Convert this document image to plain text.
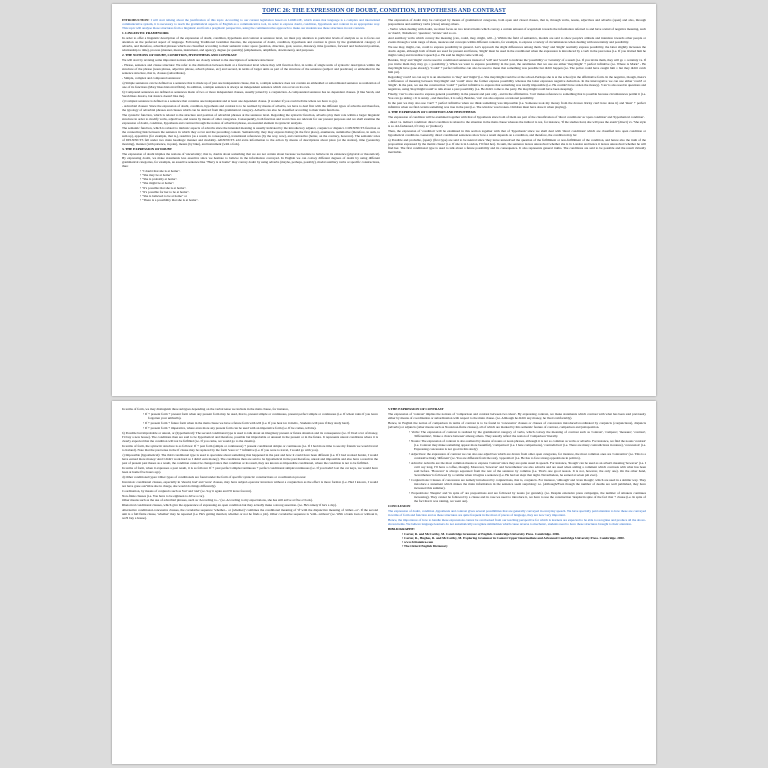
TOPIC 26: THE EXPRESSION OF DOUBT, CONDITION, HYPOTHESIS AND CONTRAST

INTRODUCTION: I will start talking about the justification of this topic. According to our current legislation based on LOMLOE, which states that language is a complex and interrelated communicative system, it is necessary to teach the grammatical aspects of English as a communicative tool, in order to express doubt, condition, hypothesis and contrast in an appropriate way. This topic will analyse those structures from a linguistic and from a pragmatic perspective, using the communicative approach to make our students use these structures in real contexts.

1. LINGUISTIC FRAMEWORK

In order to offer a linguistic description of the expression of doubt, condition, hypothesis and contrast at sentence level, we must pay attention to particular levels of analysis so as to focus our attention on the preferred aspect of language. Following Traditional Grammar theories, the expression of doubt, condition, hypothesis and contrast is given by the grammatical category of adverbs, and therefore, adverbial phrases which are classified according to their semantic roles: space (position, direction, goal, source, distance), time (position, forward and backward position, relationship to time), process (manner, means, instrument, and agency), degree (or quantity) (emphasisers, amplifiers, downtoners), and purposes.

2. THE NOTIONS OF DOUBT, CONDITION, HYPOTHESIS AND CONTRAST

We will start by revising some important notions which are closely related to the description of sentence structures:

- Phrase, sentence and clause structure: We refer to the distinction between them at a functional level where they will function first, in terms of single units of syntactic description within the structure of the phrase (noun phrase, adjective phrase, adverb phrase, etc) and second, in terms of larger units as part of the structure of the sentence (subject and predicate) or embedded in the sentence structure, that is, clauses (subordinate).

- Simple, complex and compound sentences:

a) Simple sentences can be defined as a sentence that is made up of just one independent clause, that is, a simple sentence does not contain an embedded or subordinated sentence as realization of one of its functions (Mary likes historical films). In addition, a simple sentence is always an independent sentence which can occur on its own.

b) Compound sentences are defined as sentences made of two or more independent clauses, usually joined by a conjunction. A compounded sentence has no dependent clauses. (I like Sarah, and Sarah likes Jessica, but Jessica doesn't like me).

c) Complex sentence is defined as a sentence that contains one independent and at least one dependent clause. (I wonder if you could tell me where we have to go).

- Adverbial clauses: Since the expression of doubt, condition, hypothesis and contrast is to be realized by means of adverbs, we have to deal first with the different types of adverbs and therefore, the typology of adverbial phrases and clauses which can be derived from this grammatical category. Adverbs can also be classified according to their main functions.

The syntactic function, which is related to the structure and position of adverbial phrases at the sentence level. Regarding the syntactic function, adverbs play their role within a larger linguistic structure in order to modify verbs, adjectives, and nouns by means of other categories. Consequently, both function and word class are relevant for our present purposes and we shall examine the expression of doubt, condition, hypothesis and contrast through the notion of adverbial phrase, an essential element in syntactic analysis.

The semantic function, which is related to intrinsic aspects of adverbs since the intended meaning is usually indicated by the introductory adjunct, conjunct or disjunct. CONJUNCTS function as the connecting link between the sentence in which they occur and the preceding context. Semantically, they may express listing (in the first place), enumerate, summative (therefore, in sum, to sum up), appositive (for example, that is,), resultive (as a result, in consequence), transitional references (by the way, now), and contrastive (better, on the contrary, however). The semantic roles of DISJUNCTS fall under two main headings: manner and modality. ADJUNCTS add extra information to the action by means of descriptions about place (at the station), time (yesterday morning), manner (with patience, in pain), means (by bike), and instrument (with a fork).

3. THE EXPRESSION OF DOUBT

The expression of doubt implies the notions of 'uncertainty', that is, doubts about something that we are not certain about because we hesitate to believe in its existence (physical or theoretical). By expressing doubt, we make statements less assertive since we hesitate to believe in the information conveyed. In English we can convey different degrees of doubt by using different grammatical categories, for example, an assertive sentence like "Harry is at home" may convey doubt by using adverbs (maybe, perhaps, possibly), modal auxiliary verbs or specific constructions, thus:

• "I doubt that she is at home".

• "She may be at home".

• "She is probably at home".

• "She might be at home".

• "It's possible that she is at home".

• "It's possible for her to be at home".

• "She is believed to be at home" or

• "There is a possibility that she is at home".

The expression of doubt may be conveyed by means of grammatical categories, both open and closed classes, that is, through verbs, nouns, adjectives and adverbs (open) and also, through prepositions and auxiliary verbs (close) among others.

- Verbs: when dealing with doubt, we must focus on two lexical items which convey a certain amount of scepticism towards the information referred to and have a kind of negative meaning, such as 'doubt', 'disbelieve', 'question', 'review' and so on.

And auxiliary verbs which convey the meaning (can, could, may, might, will...). Within the field of semantics, modals are said to show people's attitude and intention towards other people or events through a wide range of ideas, nuances and concepts within different contexts, for example, to express a variety of circumstances when dealing with uncertainty and possibility.

We use may, might, can, could to express possibility in general. Let's approach the slight differences among them. 'may' and 'might' normally express possibility, the latter slightly increases the doubt. Again, although both of them are used for present and future, 'might' must be used in the conditional when the expression is introduced by a verb in the past tense (i.e. If you invited him he might come) and in indirect speech (i.e. He said he might come with us).

Besides, 'may' and 'might' can be used in conditional sentences instead of 'will' and 'would' to indicate the 'possibility' or 'certainty' of a result (i.e. If you invite them, they will go = certainty vs. If you invite them they may go = possibility ). When we want to express possibility in the past, the auxiliaries that we use are either 'may/might' + perfect infinitive (i.e. Where is Mark? - He may/might have gone already). 'Could' + perfect infinitive can also be used to mean that something was possible but didn't happen (i.e. The police could have caught him = but they didn't catch him yet).

Regarding 'could' we can say it is an alternative to 'may' and 'might' (i.e. She may/might/could be at the school-Perhaps she is at the school) in the affirmative form. In the negative, though, there's a difference of meaning between 'may/might' and 'could' since the former express possibility whereas the latter expresses negative deduction. In the interrogative we can use either 'could' or 'might'. In the past, we use the construction 'could' + perfect infinitive to express that something was totally impossible (i.e. He couldn't have stolen the money). 'Can' is also used in questions and negatives, using 'may/might/could' to talk about a past possibility (i.e. He didn't come to the party. He may/might/could have been sleeping).

Finally, 'can' is also used to express general possibility in the present and past only , and in the affirmative. 'Can' makes reference to something that is possible because circumstances permit it (i.e. You can go skiing = It is sunny , and therefore, it is safe). Besides, 'can' can also express occasional possibility.

In the past we may also use 'can't' + perfect infinitive when we think something was impossible (i.e. Someone took my money from the drawer. Ricky can't have done it) and 'must' + perfect infinitive when we find certain something was true in the past (i.e. The window was broken. Children must have done it when playing).

4. THE EXPRESSION OF CONDITION AND HYPOTHESIS

The expression of condition will be examined together with that of hypothesis since both of them are part of the classification of 'direct conditions' as 'open condition' and 'hypothetical condition'.

- direct vs. indirect condition: direct condition is related to the situation in the main clause whereas the indirect is not, for instance, 'If the studies hard, she will pass the exam' (direct) vs. 'She style is so old-fashioned, if I may so' (indirect).

Then, the expression of 'condition' will be examined in this section together with that of 'hypothesis' since we shall deal with 'direct conditions' which are classified into open condition or hypothetical conditions. Generally, direct conditional sentences show how a result depends on a condition, and therefore, the condition may be:

a) Possible and probable, (open): (first type) are said to be neutral since 'they leave unresolved the question of the fulfillment or non-fulfillment of the condition, and hence also the truth of the proposition expressed by the matrix clause' (i.e. If she is in London, I'll find her). In sum, the sentence leaves unresolved whether she is in London and hence it leaves unresolved whether he will find her. The first conditional type is used to talk about a future possibility and its consequence. It also represents general truths. The conditions are said to be possible and the result virtually inevitable.

In terms of form, we may distinguish three subtypes depending on the verbal tense we include in the main clause, for instance,

• If + present form + present form when any present form may be used, that is, present simple or continuous, present perfect simple or continuous (i.e. If wheat rains if you leave forgotten your umbrella).

• If + present form + future form when in the main clause we have a future form with will (i.e. If you heat ice it melts , Students will pass if they study hard).

• If + present form + imperative, where even more any present form can be used with an imperative form (i.e. If he comes, tell me).

b) Possible but improbable or unreal, or (hypothetical): The second conditional type is used to talk about an imaginary present or future situation and its consequence (i.e. If I had a lot of money, I'd buy a new house). The conditions then are said to be hypothetical and therefore, possible but improbable or unusual in the present or in the future. It represents unreal conditions where it is clearly expected that the condition will not be fulfilled (i.e. If you came, we would go to the cinema).

In terms of form, the syntactic structure is as follows: If + past form (simple or continuous) + present conditional simple or continuous (i.e. If I had more time to see my friends we would travel to Ireland). Note that the past tense in the if clause may be replaced by the form 'were to' + infinitive (i.e. If you were to travel, I would go with you).

c) Impossible (hypothetical): The third conditional type is used to speculate about something that happened in the past and how it could have been different (i.e. If I had worked harder, I would have earned more money/ And I didn't work hard so I didn't earn money). The conditions then are said to be hypothetical in the past therefore, unreal and impossible and also have a result in the past of present past theses as a result, the condition cannot be changed since that condition or its result, they are known as impossible conditional, where the condition is not to be fulfilled.

In terms of form, when it expresses a past result, it is as follows: If + past perfect simple/continuous + perfect conditional simple/continuous (i.e. If you hadn't lost the car keys, we would have been at home five hours ago).

d) Other conditional types: Other types of conditionals are found under the form of specific syntactic constructions or coordination process:

Inversion: conditional clauses, especially in 'should, had' and 'were' clauses, may have subject-operator inversion without a conjunction as the effect is more formal. (i.e. Had I known, I would not have gone out/Were she in charge, she would do things differently).

Coordination, by means of conjuncts such as 'but' and 'and' (i.e. Say it again and I'll leave forever).

Non-finite clauses (i.e. You have to be eighteen to drive a car).

Other means such as the use of adverbial phrases, such as 'According to...' (i.e. According to my expectations, she has still arrive at five o'clock).

Rhetorical conditional clauses, which give the appearance of expressing an open condition but they actually make a strong assertion. (i.e. He's ninety if he's a day).

Alternative conditional-concessive clauses, the correlative sequence 'whether... or (whether)' combines the conditional meaning of 'if' with the disjunctive meaning of 'either...or'. If the second unit is a full finite clause, 'whether' may be repeated (i.e. He's getting married, whether or not he finds a job). Other correlative sequence is 'with...without' (i.e. With a bank loan or without it, we'll buy a house).

5.THE EXPRESSION OF CONTRAST

The expression of 'contrast' implies the notions of 'comparison and contrast between two ideas'. By expressing contrast, we make statements which contrast with what has been said previously either by means of coordination or subordination with respect to the main clause. (i.e. Although he didn't any money, he lived comfortably).

Hence, in English the notion of comparison in terms of contrast is to be found in 'concessive' clauses or clauses of concession introduced/coordinated by conjuncts (conjunctions), disjuncts (adverbs) or adjuncts (other means such as Noun/non-finite clauses), all of which are marked by this semantic feature of contrast, comparison and juxtaposition.

• Verbs: The expression of contrast is realized by the grammatical category of verbs, which convey the meaning of contrast such as 'contrast', 'compare', 'measure', 'contrast', 'differentiate', 'make a choice between' among others. They usually reflect the notion of 'comparison' literally.

• Nouns: The expression of contrast is also realized by means of nouns or noun phrases, although it is not so common as verbs or adverbs. For instance, we find the nouns 'contrast' (i.e. Contrast may make something appear more beautiful), 'comparison' (i.e. I hate comparisons), 'contradiction' (i.e. There are many contradictions in nature), 'concession' (i.e. Expressing concession is not good in this study)

• Adjectives: the expression of contrast we can also use adjectives which are drawn from other open categories, for instance, the most common ones are 'contrastive' (i.e. This is a contrastive link), 'different' (i.e. You are different from the rest), 'opposition' (i.e. He has to face strong oppositions in politics).

• Adverbs: Adverbs are the most common means to express 'contrast' since they are quite usual in speech. For instance, 'though' can be used as an adverb meaning 'however' (i.e. I can't say long, I'll have a coffee, though). Moreover, 'however' and 'nevertheless' are also adverbs and are used when adding a comment which contrasts with what has been said before. 'However' is always separated from the rest of the sentence by commas (i.e. That's one good reason. It is not, however, the only one). On the other hand, 'nevertheless' is followed by a comma when it begins a sentence (i.e. He had set slept that night. Nevertheless, he earned at seven pm ever).

• Conjunctions: Clauses of concession are namely introduced by conjunctions, that is, conjuncts. For instance, 'although' and 'even though', which are used in a similar way. They introduce a statement which makes the main information in the sentence seem surprising: i.e. (Although/Even though the number of deaths are well published, they have increased this summer).

• Prepositions: 'Despite' and 'in spite of' are prepositions and are followed by nouns (or gerunds). (i.e. Despite extensive press campaigns, the number of smokers continues increasing). They cannot be followed by a clause and in case we need to introduce it, we have to use the construction 'despite/in spite of the fact that + clause (i.e. In spite of the fact that it was raining, we went out).

CONCLUSION

The expression of doubt, condition ,hypothesis and contrast gives several possibilities that are generally conveyed in everyday speech. We have specially paid attention to how these are conveyed in terms of form and function and as these structures are quite frequent in the most of pieces of language, they are now very important.

Hence, the importance of how to handle these expressions cannot be overlooked from our teaching perspective for which is learners are expected to be able to recognise and produce all the above-shown items. We believe language learners do not automatically recognize similarities which cause reverse to mechanic, students need to have these structures brought to their attention.

BIBLIOGRAPHY:

• Carter, R. and McCarthy, M. Cambridge Grammar of English. Cambridge University Press. Cambridge. 2006.

• Carter, R., Hughes, R. and McCarthy, M. Exploring Grammar in Context Upper Intermediate and Advanced Cambridge University Press. Cambridge. 2000.

• www.britannica.com

• The Oxford English Dictionary
